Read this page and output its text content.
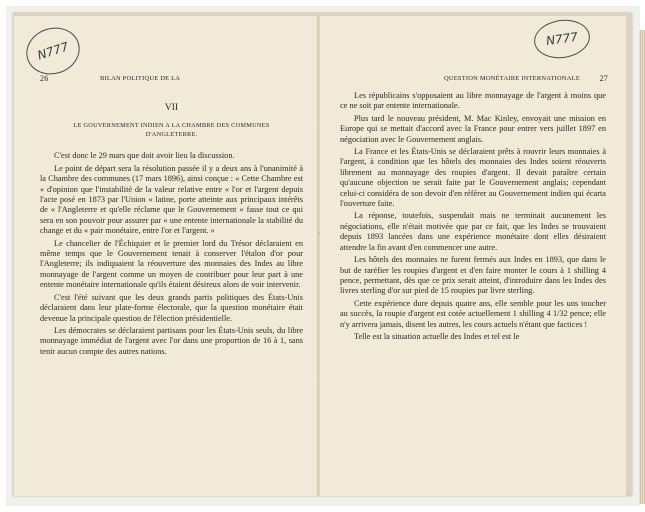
26	BILAN POLITIQUE DE LA
VII
LE GOUVERNEMENT INDIEN A LA CHAMBRE DES COMMUNES
D'ANGLETERRE.

C'est donc le 29 mars que doit avoir lieu la discussion.

Le point de départ sera la résolution passée il y a deux ans à l'unanimité à la Chambre des communes (17 mars 1896), ainsi conçue : « Cette Chambre est « d'opinion que l'instabilité de la valeur relative entre « l'or et l'argent depuis l'acte posé en 1873 par l'Union « latine, porte atteinte aux principaux intérêts de « l'Angleterre et qu'elle réclame que le Gouvernement « fasse tout ce qui sera en son pouvoir pour assurer par « une entente internationale la stabilité du change et du « pair monétaire, entre l'or et l'argent. »

Le chancelier de l'Échiquier et le premier lord du Trésor déclaraient en même temps que le Gouvernement tenait à conserver l'étalon d'or pour l'Angleterre; ils indiquaient la réouverture des monnaies des Indes au libre monnayage de l'argent comme un moyen de contribuer pour leur part à une entente monétaire internationale qu'ils étaient désireux alors de voir intervenir.

C'est l'été suivant que les deux grands partis politiques des États-Unis déclaraient dans leur plate-forme électorale, que la question monétaire était devenue la principale question de l'élection présidentielle.

Les démocrates se déclaraient partisans pour les États-Unis seuls, du libre monnayage immédiat de l'argent avec l'or dans une proportion de 16 à 1, sans tenir aucun compte des autres nations.

QUESTION MONÉTAIRE INTERNATIONALE 27

Les républicains s'opposaient au libre monnayage de l'argent à moins que ce ne soit par entente internationale.

Plus tard le nouveau président, M. Mac Kinley, envoyait une mission en Europe qui se mettait d'accord avec la France pour entrer vers juillet 1897 en négociation avec le Gouvernement anglais.

La France et les États-Unis se déclaraient prêts à rouvrir leurs monnaies à l'argent, à condition que les hôtels des monnaies des Indes soient réouverts librement au monnayage des roupies d'argent. Il devait paraître certain qu'aucune objection ne serait faite par le Gouvernement anglais; cependant celui-ci considéra de son devoir d'en référer au Gouvernement indien qui écarta l'ouverture faite.

La réponse, toutefois, suspendait mais ne terminait aucunement les négociations, elle n'était motivée que par ce fait, que les Indes se trouvaient depuis 1893 lancées dans une expérience monétaire dont elles désiraient attendre la fin avant d'en commencer une autre.

Les hôtels des monnaies ne furent fermés aux Indes en 1893, que dans le but de raréfier les roupies d'argent et d'en faire monter le cours à 1 shilling 4 pence, permettant, dès que ce prix serait atteint, d'introduire dans les Indes des livres sterling d'or sur pied de 15 roupies par livre sterling.

Cette expérience dure depuis quatre ans, elle semble pour les uns toucher au succès, la roupie d'argent est cotée actuellement 1 shilling 4 1/32 pence; elle n'y arrivera jamais, disent les autres, les cours actuels n'étant que factices !

Telle est la situation actuelle des Indes et tel est le

N777
N777
